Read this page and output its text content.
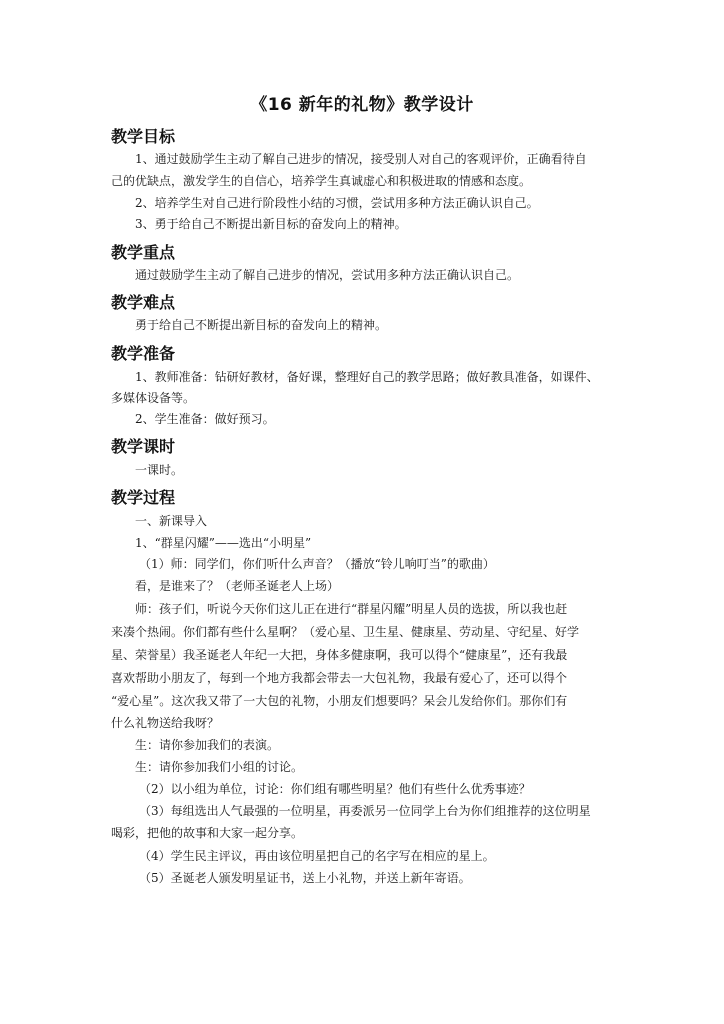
《16 新年的礼物》教学设计
教学目标
1、通过鼓励学生主动了解自己进步的情况，接受别人对自己的客观评价，正确看待自
己的优缺点，激发学生的自信心，培养学生真诚虚心和积极进取的情感和态度。
2、培养学生对自己进行阶段性小结的习惯，尝试用多种方法正确认识自己。
3、勇于给自己不断提出新目标的奋发向上的精神。
教学重点
通过鼓励学生主动了解自己进步的情况，尝试用多种方法正确认识自己。
教学难点
勇于给自己不断提出新目标的奋发向上的精神。
教学准备
1、教师准备：钻研好教材，备好课，整理好自己的教学思路；做好教具准备，如课件、
多媒体设备等。
2、学生准备：做好预习。
教学课时
一课时。
教学过程
一、新课导入
1、“群星闪耀”——选出“小明星”
（1）师：同学们，你们听什么声音？（播放“铃儿响叮当”的歌曲）
看，是谁来了？（老师圣诞老人上场）
师：孩子们，听说今天你们这儿正在进行“群星闪耀”明星人员的选拔，所以我也赶
来凑个热闹。你们都有些什么星啊？（爱心星、卫生星、健康星、劳动星、守纪星、好学
星、荣誉星）我圣诞老人年纪一大把，身体多健康啊，我可以得个“健康星”，还有我最
喜欢帮助小朋友了，每到一个地方我都会带去一大包礼物，我最有爱心了，还可以得个
“爱心星”。这次我又带了一大包的礼物，小朋友们想要吗？呆会儿发给你们。那你们有
什么礼物送给我呀？
生：请你参加我们的表演。
生：请你参加我们小组的讨论。
（2）以小组为单位，讨论：你们组有哪些明星？他们有些什么优秀事迹？
（3）每组选出人气最强的一位明星，再委派另一位同学上台为你们组推荐的这位明星
喝彩，把他的故事和大家一起分享。
（4）学生民主评议，再由该位明星把自己的名字写在相应的星上。
（5）圣诞老人颁发明星证书，送上小礼物，并送上新年寄语。
